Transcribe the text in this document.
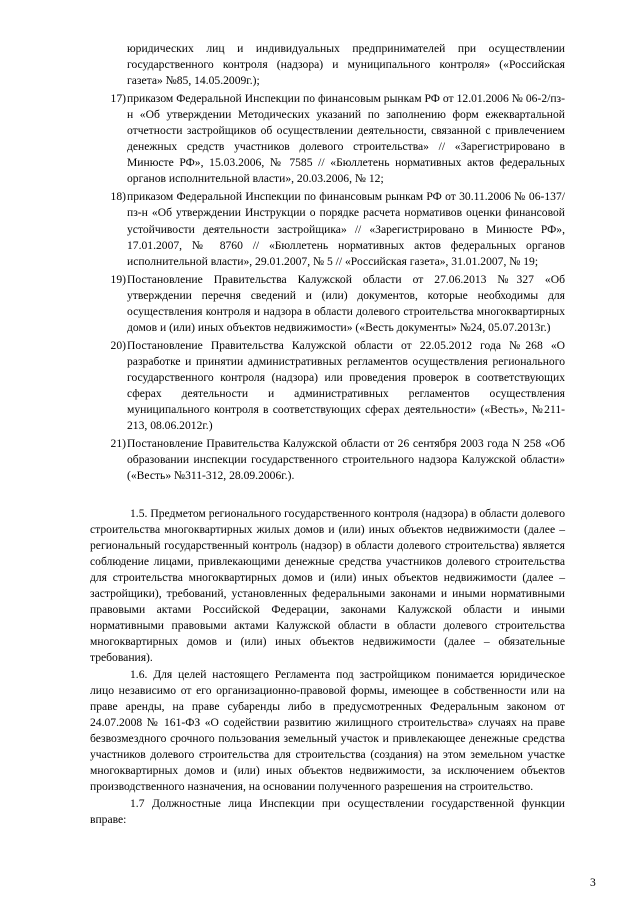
юридических лиц и индивидуальных предпринимателей при осуществлении государственного контроля (надзора) и муниципального контроля» («Российская газета» №85, 14.05.2009г.);
17) приказом Федеральной Инспекции по финансовым рынкам РФ от 12.01.2006 № 06-2/пз-н «Об утверждении Методических указаний по заполнению форм ежеквартальной отчетности застройщиков об осуществлении деятельности, связанной с привлечением денежных средств участников долевого строительства» // «Зарегистрировано в Минюсте РФ», 15.03.2006, № 7585 // «Бюллетень нормативных актов федеральных органов исполнительной власти», 20.03.2006, № 12;
18) приказом Федеральной Инспекции по финансовым рынкам РФ от 30.11.2006 № 06-137/пз-н «Об утверждении Инструкции о порядке расчета нормативов оценки финансовой устойчивости деятельности застройщика» // «Зарегистрировано в Минюсте РФ», 17.01.2007, № 8760 // «Бюллетень нормативных актов федеральных органов исполнительной власти», 29.01.2007, № 5 // «Российская газета», 31.01.2007, № 19;
19) Постановление Правительства Калужской области от 27.06.2013 №327 «Об утверждении перечня сведений и (или) документов, которые необходимы для осуществления контроля и надзора в области долевого строительства многоквартирных домов и (или) иных объектов недвижимости» («Весть документы» №24, 05.07.2013г.)
20) Постановление Правительства Калужской области от 22.05.2012 года №268 «О разработке и принятии административных регламентов осуществления регионального государственного контроля (надзора) или проведения проверок в соответствующих сферах деятельности и административных регламентов осуществления муниципального контроля в соответствующих сферах деятельности» («Весть», №211-213, 08.06.2012г.)
21) Постановление Правительства Калужской области от 26 сентября 2003 года N 258 «Об образовании инспекции государственного строительного надзора Калужской области» («Весть» №311-312, 28.09.2006г.).

1.5. Предметом регионального государственного контроля (надзора) в области долевого строительства многоквартирных жилых домов и (или) иных объектов недвижимости (далее – региональный государственный контроль (надзор) в области долевого строительства) является соблюдение лицами, привлекающими денежные средства участников долевого строительства для строительства многоквартирных домов и (или) иных объектов недвижимости (далее – застройщики), требований, установленных федеральными законами и иными нормативными правовыми актами Российской Федерации, законами Калужской области и иными нормативными правовыми актами Калужской области в области долевого строительства многоквартирных домов и (или) иных объектов недвижимости (далее – обязательные требования).

1.6. Для целей настоящего Регламента под застройщиком понимается юридическое лицо независимо от его организационно-правовой формы, имеющее в собственности или на праве аренды, на праве субаренды либо в предусмотренных Федеральным законом от 24.07.2008 № 161-ФЗ «О содействии развитию жилищного строительства» случаях на праве безвозмездного срочного пользования земельный участок и привлекающее денежные средства участников долевого строительства для строительства (создания) на этом земельном участке многоквартирных домов и (или) иных объектов недвижимости, за исключением объектов производственного назначения, на основании полученного разрешения на строительство.

1.7 Должностные лица Инспекции при осуществлении государственной функции вправе:

3
